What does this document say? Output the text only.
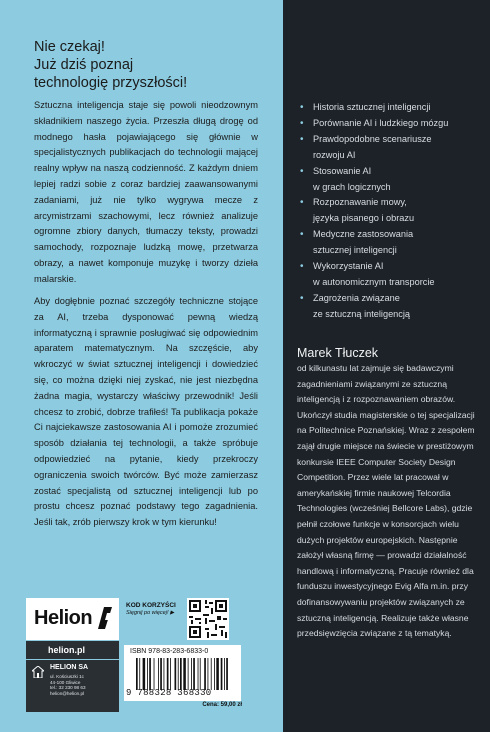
Nie czekaj!
Już dziś poznaj
technologię przyszłości!
Sztuczna inteligencja staje się powoli nieodzownym składnikiem naszego życia. Przeszła długą drogę od modnego hasła pojawiającego się głównie w specjalistycznych publikacjach do technologii mającej realny wpływ na naszą codzienność. Z każdym dniem lepiej radzi sobie z coraz bardziej zaawansowanymi zadaniami, już nie tylko wygrywa mecze z arcymistrzami szachowymi, lecz również analizuje ogromne zbiory danych, tłumaczy teksty, prowadzi samochody, rozpoznaje ludzką mowę, przetwarza obrazy, a nawet komponuje muzykę i tworzy dzieła malarskie.
Aby dogłębnie poznać szczegóły techniczne stojące za AI, trzeba dysponować pewną wiedzą informatyczną i sprawnie posługiwać się odpowiednim aparatem matematycznym. Na szczęście, aby wkroczyć w świat sztucznej inteligencji i dowiedzieć się, co można dzięki niej zyskać, nie jest niezbędna żadna magia, wystarczy właściwy przewodnik! Jeśli chcesz to zrobić, dobrze trafiłeś! Ta publikacja pokaże Ci najciekawsze zastosowania AI i pomoże zrozumieć sposób działania tej technologii, a także spróbuje odpowiedzieć na pytanie, kiedy przekroczy ograniczenia swoich twórców. Być może zamierzasz zostać specjalistą od sztucznej inteligencji lub po prostu chcesz poznać podstawy tego zagadnienia. Jeśli tak, zrób pierwszy krok w tym kierunku!
Helion
helion.pl
HELION SA
ul. Kościuszki 1c
44-100 Gliwice
tel.: 32 230 98 63
helion@helion.pl
KOD KORZYŚCI
Sięgnij po więcej! ▶
ISBN 978-83-283-6833-0
9 788328 368330
Cena: 59,00 zł
• Historia sztucznej inteligencji
• Porównanie AI i ludzkiego mózgu
• Prawdopodobne scenariusze
rozwoju AI
• Stosowanie AI
w grach logicznych
• Rozpoznawanie mowy,
języka pisanego i obrazu
• Medyczne zastosowania
sztucznej inteligencji
• Wykorzystanie AI
w autonomicznym transporcie
• Zagrożenia związane
ze sztuczną inteligencją
Marek Tłuczek
od kilkunastu lat zajmuje się badawczymi zagadnieniami związanymi ze sztuczną inteligencją i z rozpoznawaniem obrazów. Ukończył studia magisterskie o tej specjalizacji na Politechnice Poznańskiej. Wraz z zespołem zajął drugie miejsce na świecie w prestiżowym konkursie IEEE Computer Society Design Competition. Przez wiele lat pracował w amerykańskiej firmie naukowej Telcordia Technologies (wcześniej Bellcore Labs), gdzie pełnił czołowe funkcje w konsorcjach wielu dużych projektów europejskich. Następnie założył własną firmę — prowadzi działalność handlową i informatyczną. Pracuje również dla funduszu inwestycyjnego Evig Alfa m.in. przy dofinansowywaniu projektów związanych ze sztuczną inteligencją. Realizuje także własne przedsięwzięcia związane z tą tematyką.
